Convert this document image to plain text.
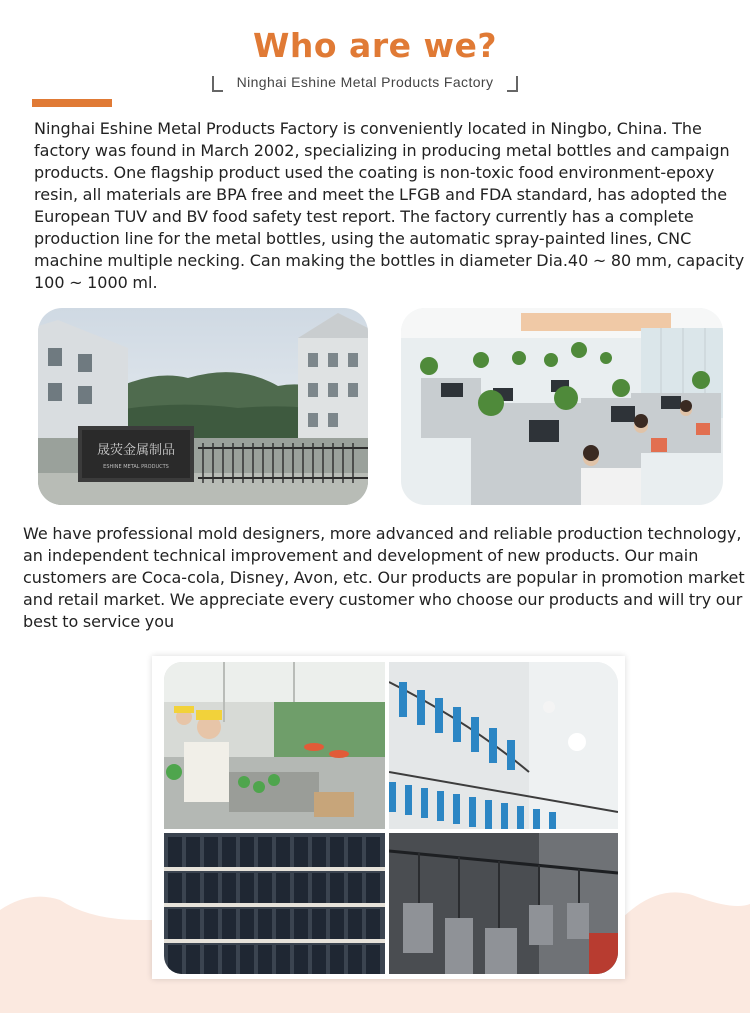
Who are we?
Ninghai Eshine Metal Products Factory

Ninghai Eshine Metal Products Factory is conveniently located in Ningbo, China. The factory was found in March 2002, specializing in producing metal bottles and campaign products. One flagship product used the coating is non-toxic food environment-epoxy resin, all materials are BPA free and meet the LFGB and FDA standard, has adopted the European TUV and BV food safety test report. The factory currently has a complete production line for the metal bottles, using the automatic spray-painted lines, CNC machine multiple necking. Can making the bottles in diameter Dia.40 ~ 80 mm, capacity 100 ~ 1000 ml.

晟荧金属制品
ESHINE METAL PRODUCTS

We have professional mold designers, more advanced and reliable production technology, an independent technical improvement and development of new products. Our main customers are Coca-cola, Disney, Avon, etc. Our products are popular in promotion market and retail market. We appreciate every customer who choose our products and will try our best to service you
